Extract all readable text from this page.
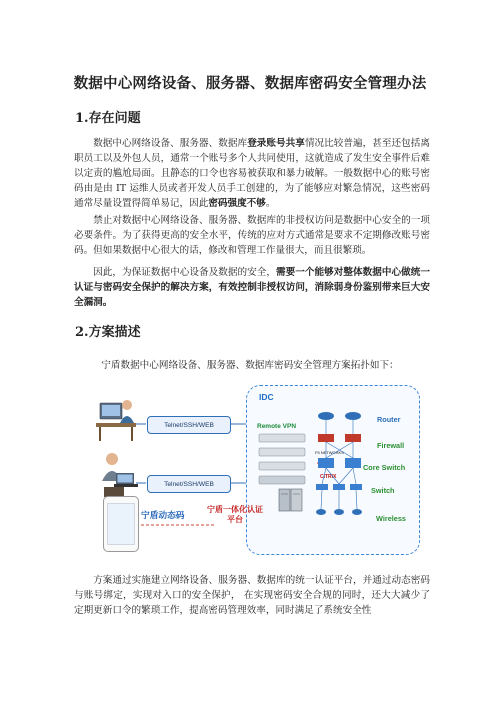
数据中心网络设备、服务器、数据库密码安全管理办法
1.存在问题
数据中心网络设备、服务器、数据库登录账号共享情况比较普遍，甚至还包括离职员工以及外包人员，通常一个账号多个人共同使用，这就造成了发生安全事件后难以定责的尴尬局面。且静态的口令也容易被获取和暴力破解。一般数据中心的账号密码由是由 IT 运维人员或者开发人员手工创建的，为了能够应对繁急情况，这些密码通常尽量设置得简单易记，因此密码强度不够。
禁止对数据中心网络设备、服务器、数据库的非授权访问是数据中心安全的一项必要条件。为了获得更高的安全水平，传统的应对方式通常是要求不定期修改账号密码。但如果数据中心很大的话，修改和管理工作量很大，而且很繁琐。
因此，为保证数据中心设备及数据的安全，需要一个能够对整体数据中心做统一认证与密码安全保护的解决方案，有效控制非授权访问，消除弱身份鉴别带来巨大安全漏洞。
2.方案描述
宁盾数据中心网络设备、服务器、数据库密码安全管理方案拓扑如下：
Telnet/SSH/WEB
Telnet/SSH/WEB
宁盾动态码
IDC
Remote VPN
F5 NETWORKS
CITRIX
Router
Firewall
Core Switch
Switch
Wireless
宁盾一体化认证平台
方案通过实施建立网络设备、服务器、数据库的统一认证平台，并通过动态密码与账号绑定，实现对入口的安全保护， 在实现密码安全合规的同时，还大大减少了定期更新口令的繁琐工作，提高密码管理效率，同时满足了系统安全性
